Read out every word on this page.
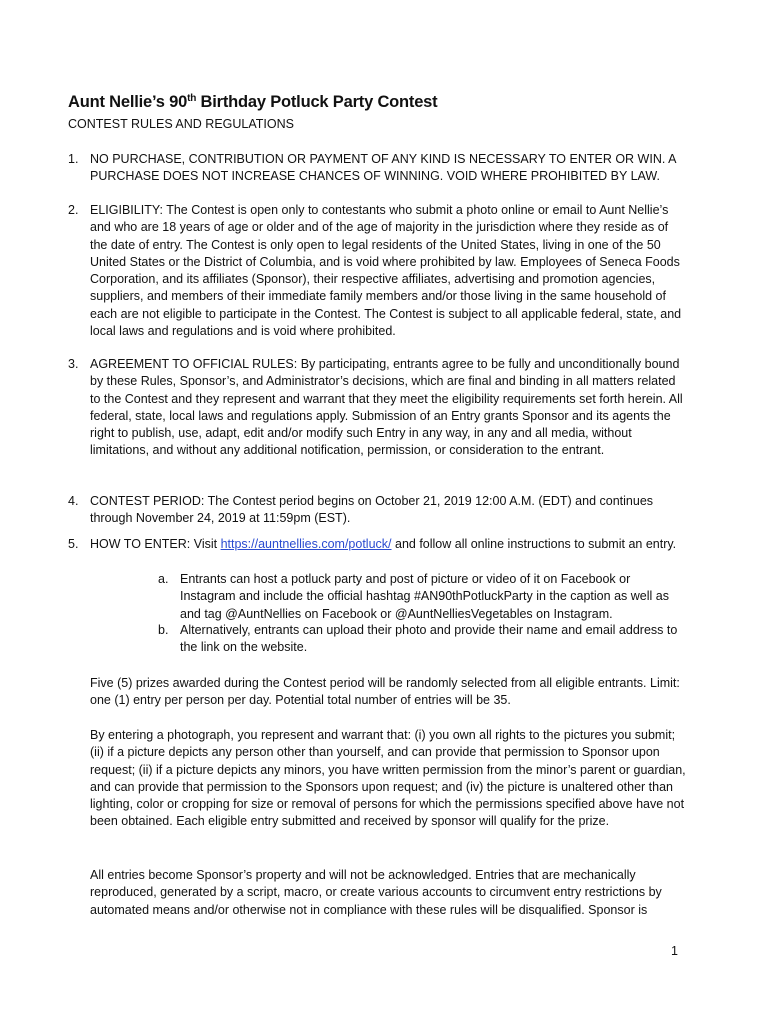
Aunt Nellie’s 90th Birthday Potluck Party Contest
CONTEST RULES AND REGULATIONS
1. NO PURCHASE, CONTRIBUTION OR PAYMENT OF ANY KIND IS NECESSARY TO ENTER OR WIN. A PURCHASE DOES NOT INCREASE CHANCES OF WINNING. VOID WHERE PROHIBITED BY LAW.
2. ELIGIBILITY: The Contest is open only to contestants who submit a photo online or email to Aunt Nellie’s and who are 18 years of age or older and of the age of majority in the jurisdiction where they reside as of the date of entry. The Contest is only open to legal residents of the United States, living in one of the 50 United States or the District of Columbia, and is void where prohibited by law. Employees of Seneca Foods Corporation, and its affiliates (Sponsor), their respective affiliates, advertising and promotion agencies, suppliers, and members of their immediate family members and/or those living in the same household of each are not eligible to participate in the Contest. The Contest is subject to all applicable federal, state, and local laws and regulations and is void where prohibited.
3. AGREEMENT TO OFFICIAL RULES: By participating, entrants agree to be fully and unconditionally bound by these Rules, Sponsor’s, and Administrator’s decisions, which are final and binding in all matters related to the Contest and they represent and warrant that they meet the eligibility requirements set forth herein. All federal, state, local laws and regulations apply. Submission of an Entry grants Sponsor and its agents the right to publish, use, adapt, edit and/or modify such Entry in any way, in any and all media, without limitations, and without any additional notification, permission, or consideration to the entrant.
4. CONTEST PERIOD: The Contest period begins on October 21, 2019 12:00 A.M. (EDT) and continues through November 24, 2019 at 11:59pm (EST).
5. HOW TO ENTER: Visit https://auntnellies.com/potluck/ and follow all online instructions to submit an entry.
a. Entrants can host a potluck party and post of picture or video of it on Facebook or Instagram and include the official hashtag #AN90thPotluckParty in the caption as well as and tag @AuntNellies on Facebook or @AuntNelliesVegetables on Instagram.
b. Alternatively, entrants can upload their photo and provide their name and email address to the link on the website.
Five (5) prizes awarded during the Contest period will be randomly selected from all eligible entrants. Limit: one (1) entry per person per day. Potential total number of entries will be 35.
By entering a photograph, you represent and warrant that: (i) you own all rights to the pictures you submit; (ii) if a picture depicts any person other than yourself, and can provide that permission to Sponsor upon request; (ii) if a picture depicts any minors, you have written permission from the minor’s parent or guardian, and can provide that permission to the Sponsors upon request; and (iv) the picture is unaltered other than lighting, color or cropping for size or removal of persons for which the permissions specified above have not been obtained. Each eligible entry submitted and received by sponsor will qualify for the prize.
All entries become Sponsor’s property and will not be acknowledged. Entries that are mechanically reproduced, generated by a script, macro, or create various accounts to circumvent entry restrictions by automated means and/or otherwise not in compliance with these rules will be disqualified. Sponsor is
1
